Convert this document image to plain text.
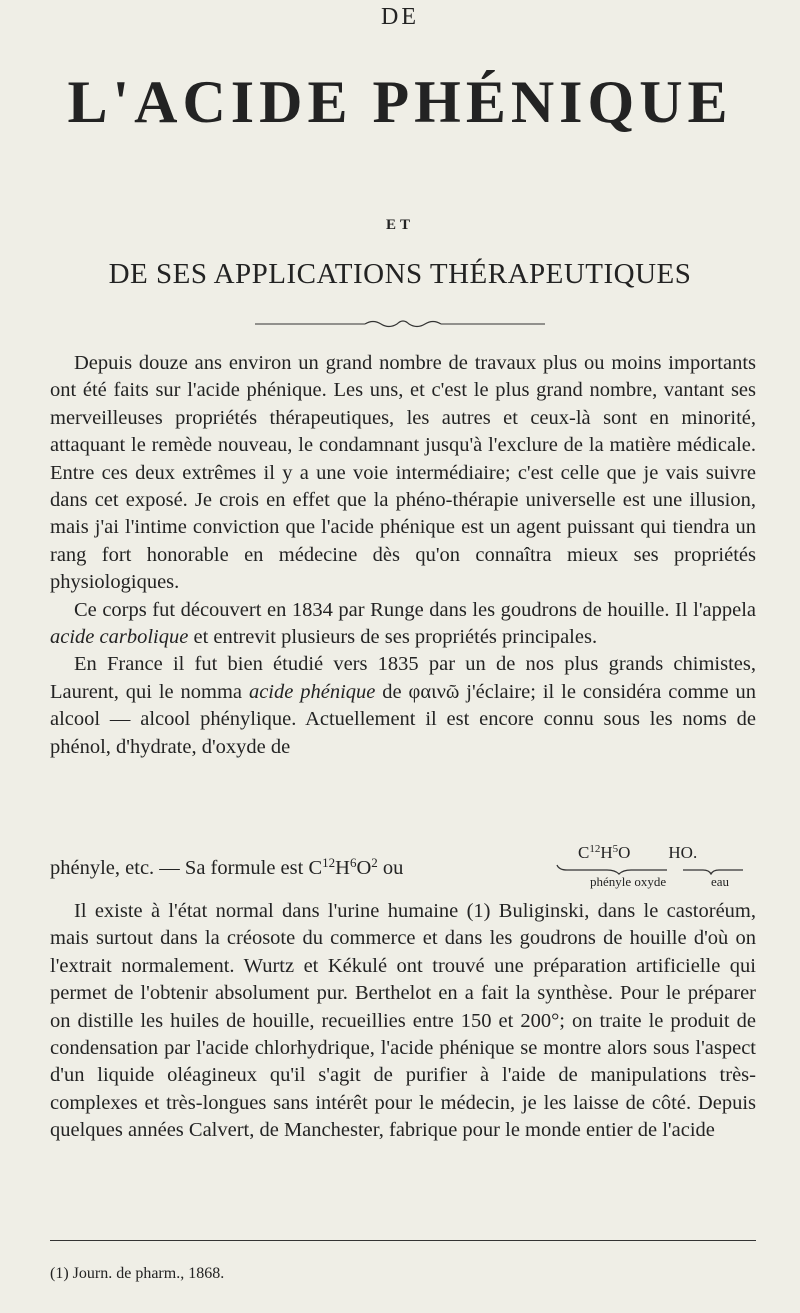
DE
L'ACIDE PHÉNIQUE
ET
DE SES APPLICATIONS THÉRAPEUTIQUES

Depuis douze ans environ un grand nombre de travaux plus ou moins importants ont été faits sur l'acide phénique. Les uns, et c'est le plus grand nombre, vantant ses merveilleuses propriétés thérapeutiques, les autres et ceux-là sont en minorité, attaquant le remède nouveau, le condamnant jusqu'à l'exclure de la matière médicale. Entre ces deux extrêmes il y a une voie intermédiaire; c'est celle que je vais suivre dans cet exposé. Je crois en effet que la phéno-thérapie universelle est une illusion, mais j'ai l'intime conviction que l'acide phénique est un agent puissant qui tiendra un rang fort honorable en médecine dès qu'on connaîtra mieux ses propriétés physiologiques.

Ce corps fut découvert en 1834 par Runge dans les goudrons de houille. Il l'appela acide carbolique et entrevit plusieurs de ses propriétés principales.

En France il fut bien étudié vers 1835 par un de nos plus grands chimistes, Laurent, qui le nomma acide phénique de φαινῶ j'éclaire; il le considéra comme un alcool — alcool phénylique. Actuellement il est encore connu sous les noms de phénol, d'hydrate, d'oxyde de

phényle, etc. — Sa formule est $C^{12}H^6O^2$ ou
$C^{12}H^5O$ HO.
phényle oxyde	eau

Il existe à l'état normal dans l'urine humaine (1) Buliginski, dans le castoréum, mais surtout dans la créosote du commerce et dans les goudrons de houille d'où on l'extrait normalement. Wurtz et Kékulé ont trouvé une préparation artificielle qui permet de l'obtenir absolument pur. Berthelot en a fait la synthèse. Pour le préparer on distille les huiles de houille, recueillies entre 150 et 200°; on traite le produit de condensation par l'acide chlorhydrique, l'acide phénique se montre alors sous l'aspect d'un liquide oléagineux qu'il s'agit de purifier à l'aide de manipulations très-complexes et très-longues sans intérêt pour le médecin, je les laisse de côté. Depuis quelques années Calvert, de Manchester, fabrique pour le monde entier de l'acide

(1) Journ. de pharm., 1868.
